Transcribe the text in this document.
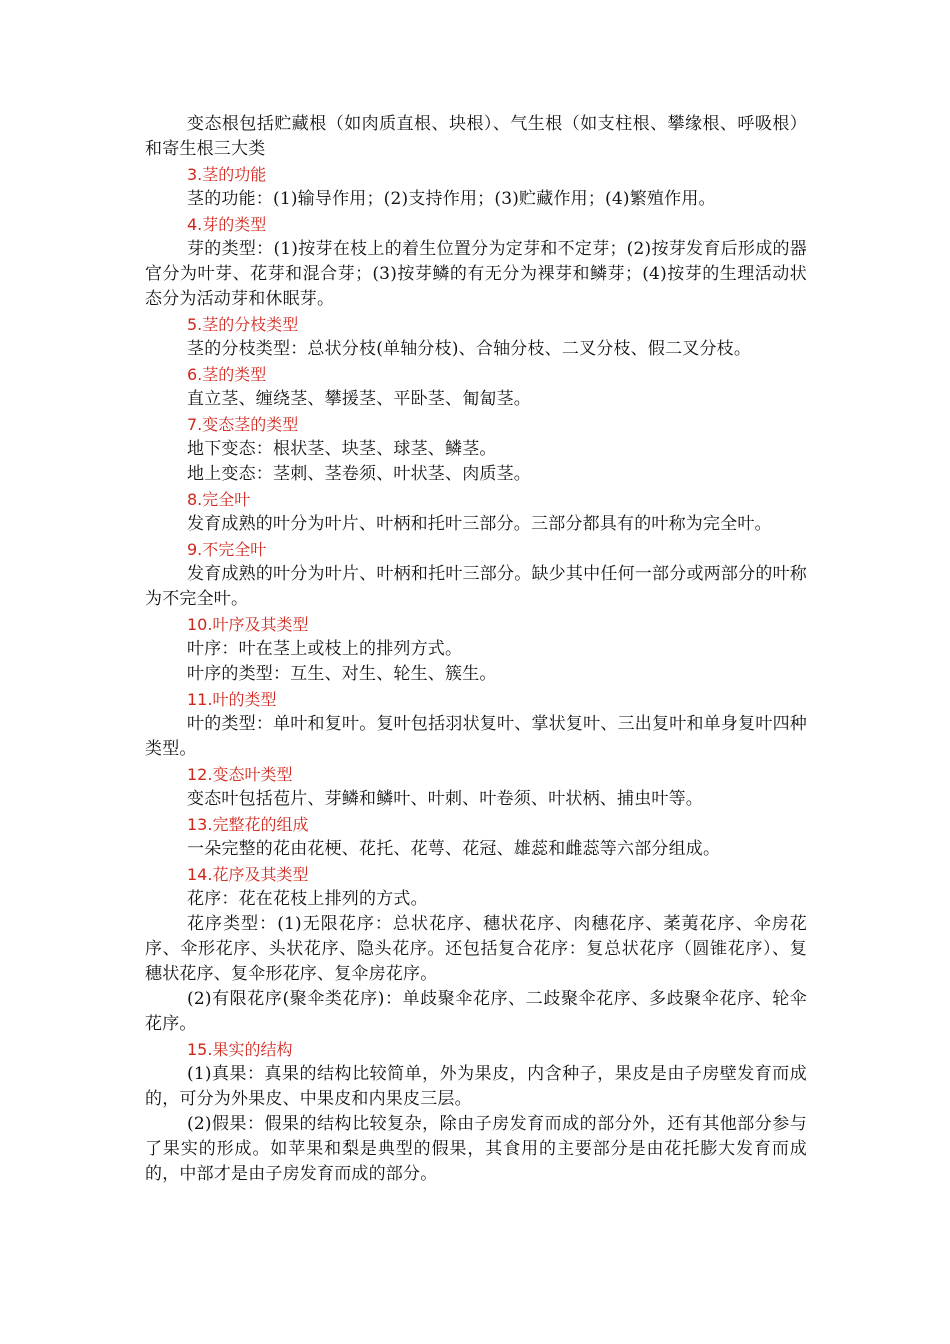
变态根包括贮藏根（如肉质直根、块根）、气生根（如支柱根、攀缘根、呼吸根）和寄生根三大类

3.茎的功能

茎的功能：(1)输导作用；(2)支持作用；(3)贮藏作用；(4)繁殖作用。

4.芽的类型

芽的类型：(1)按芽在枝上的着生位置分为定芽和不定芽；(2)按芽发育后形成的器官分为叶芽、花芽和混合芽；(3)按芽鳞的有无分为裸芽和鳞芽；(4)按芽的生理活动状态分为活动芽和休眠芽。

5.茎的分枝类型

茎的分枝类型：总状分枝(单轴分枝)、合轴分枝、二叉分枝、假二叉分枝。

6.茎的类型

直立茎、缠绕茎、攀援茎、平卧茎、匍匐茎。

7.变态茎的类型

地下变态：根状茎、块茎、球茎、鳞茎。

地上变态：茎刺、茎卷须、叶状茎、肉质茎。

8.完全叶

发育成熟的叶分为叶片、叶柄和托叶三部分。三部分都具有的叶称为完全叶。

9.不完全叶

发育成熟的叶分为叶片、叶柄和托叶三部分。缺少其中任何一部分或两部分的叶称为不完全叶。

10.叶序及其类型

叶序：叶在茎上或枝上的排列方式。

叶序的类型：互生、对生、轮生、簇生。

11.叶的类型

叶的类型：单叶和复叶。复叶包括羽状复叶、掌状复叶、三出复叶和单身复叶四种类型。

12.变态叶类型

变态叶包括苞片、芽鳞和鳞叶、叶刺、叶卷须、叶状柄、捕虫叶等。

13.完整花的组成

一朵完整的花由花梗、花托、花萼、花冠、雄蕊和雌蕊等六部分组成。

14.花序及其类型

花序：花在花枝上排列的方式。

花序类型：(1)无限花序：总状花序、穗状花序、肉穗花序、葇荑花序、伞房花序、伞形花序、头状花序、隐头花序。还包括复合花序：复总状花序（圆锥花序）、复穗状花序、复伞形花序、复伞房花序。

(2)有限花序(聚伞类花序)：单歧聚伞花序、二歧聚伞花序、多歧聚伞花序、轮伞花序。

15.果实的结构

(1)真果：真果的结构比较简单，外为果皮，内含种子，果皮是由子房壁发育而成的，可分为外果皮、中果皮和内果皮三层。

(2)假果：假果的结构比较复杂，除由子房发育而成的部分外，还有其他部分参与了果实的形成。如苹果和梨是典型的假果，其食用的主要部分是由花托膨大发育而成的，中部才是由子房发育而成的部分。
